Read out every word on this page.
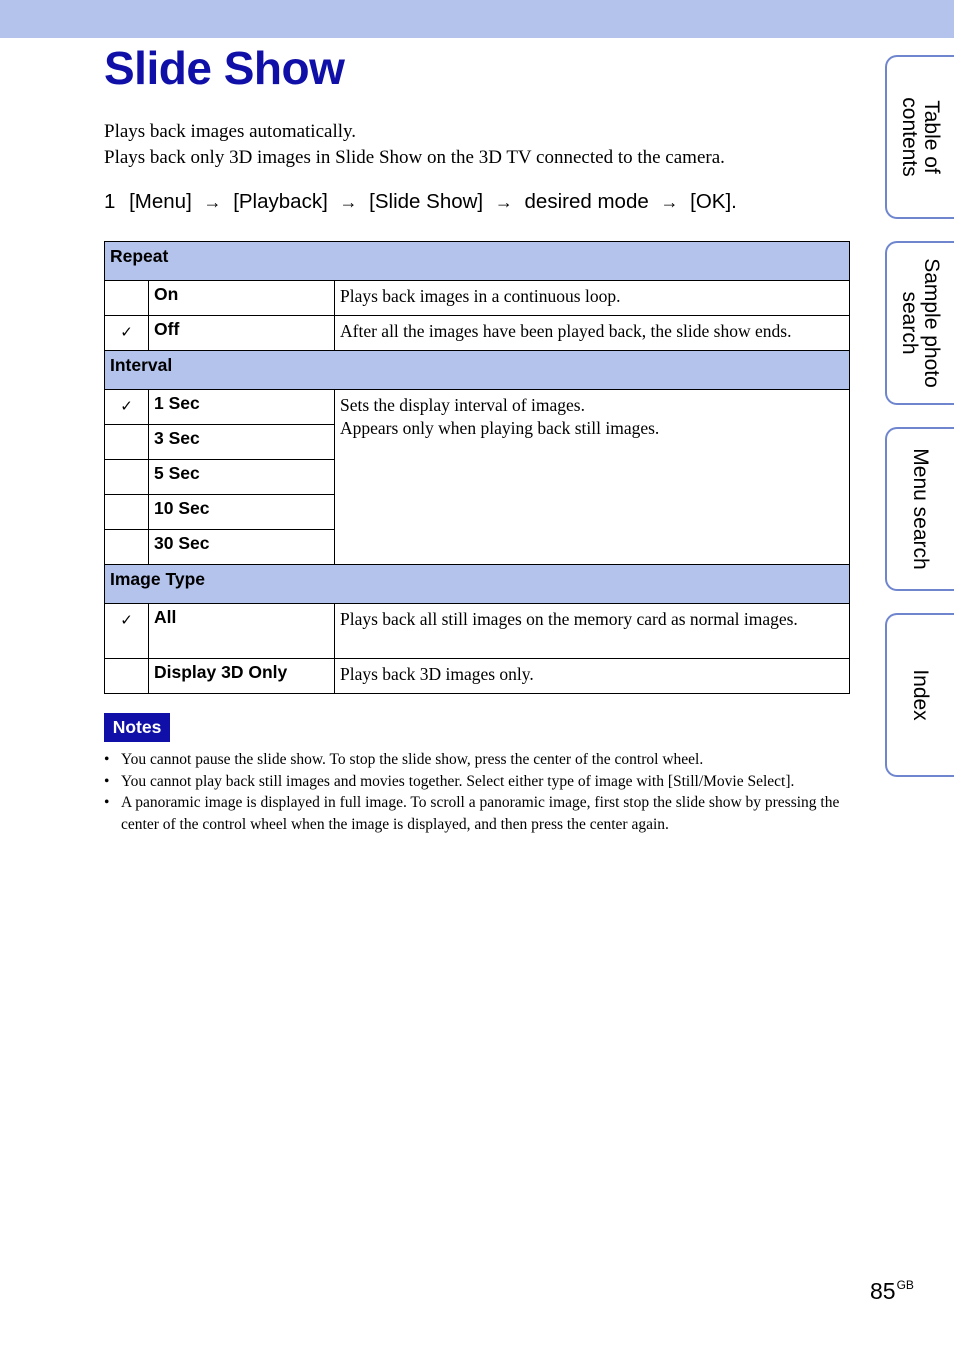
Slide Show
Plays back images automatically.
Plays back only 3D images in Slide Show on the 3D TV connected to the camera.
1 [Menu] → [Playback] → [Slide Show] → desired mode → [OK].
Repeat		
	On	Plays back images in a continuous loop.
✓	Off	After all the images have been played back, the slide show ends.
Interval		
✓	1 Sec	Sets the display interval of images.
Appears only when playing back still images.

	3 Sec	
	5 Sec	
	10 Sec	
	30 Sec	
Image Type		
✓	All	Plays back all still images on the memory card as normal images.
	Display 3D Only	Plays back 3D images only.
Notes
• You cannot pause the slide show. To stop the slide show, press the center of the control wheel.
• You cannot play back still images and movies together. Select either type of image with [Still/Movie Select].
• A panoramic image is displayed in full image. To scroll a panoramic image, first stop the slide show by pressing the center of the control wheel when the image is displayed, and then press the center again.
Table of
contents
Sample photo
search
Menu search
Index
$85^{GB}$
